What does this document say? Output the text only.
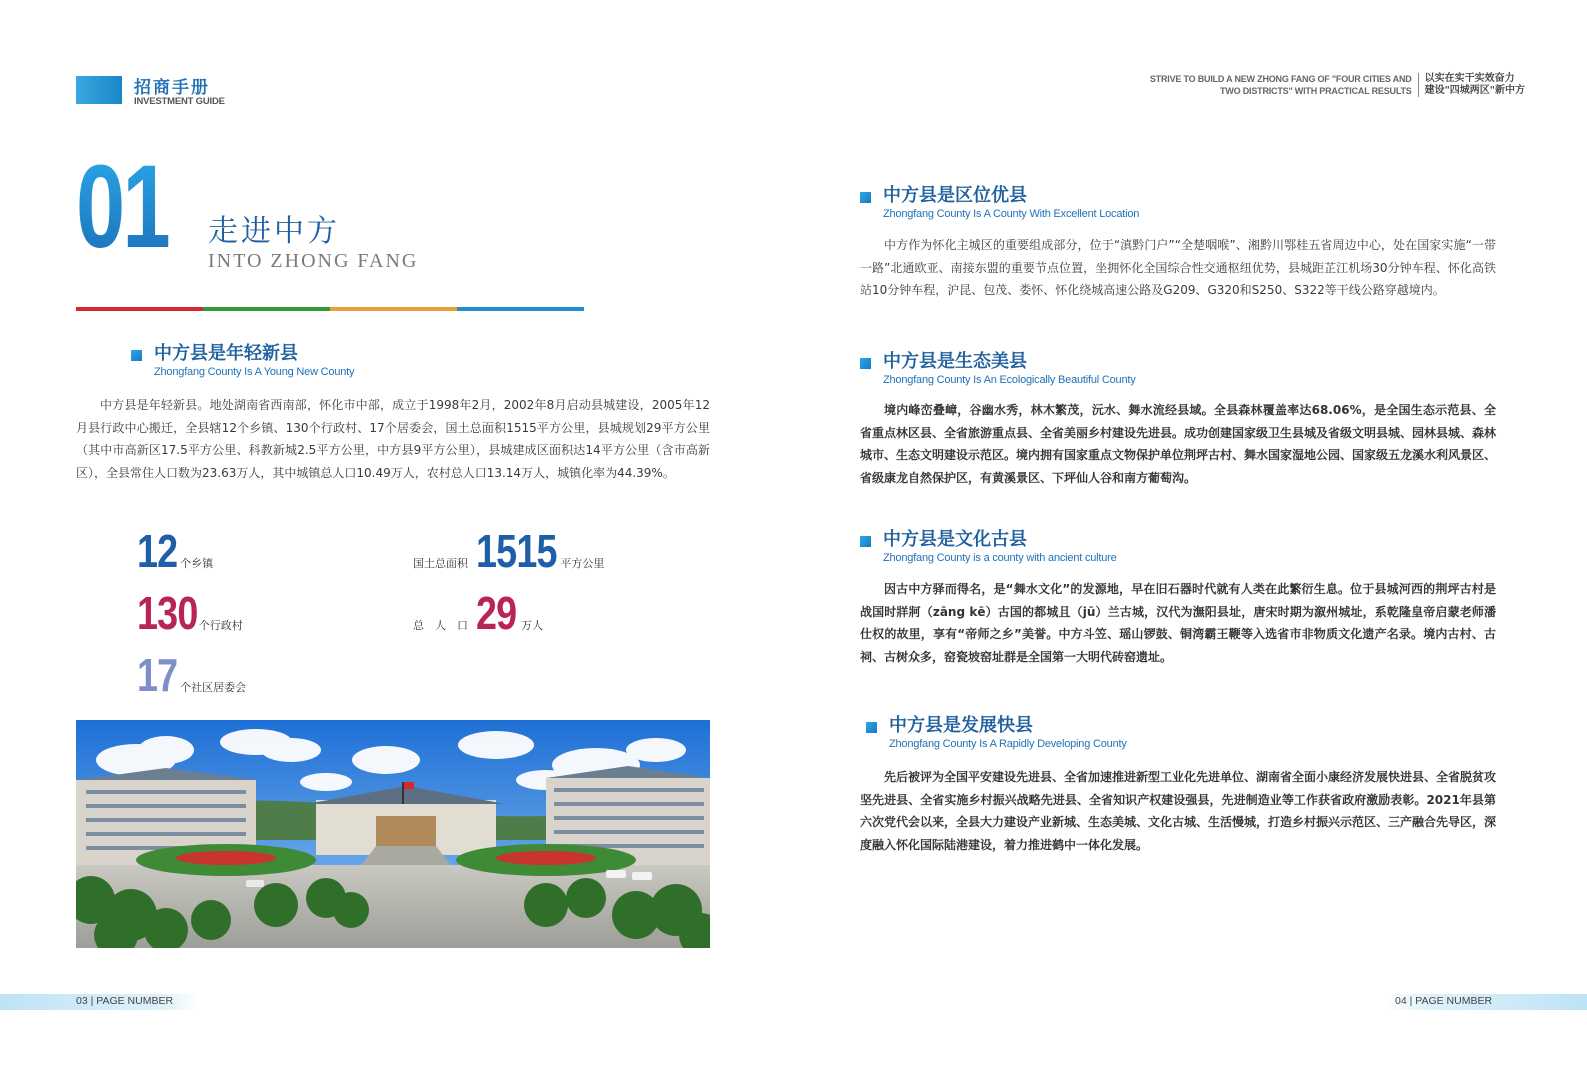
招商手册
INVESTMENT GUIDE
STRIVE TO BUILD A NEW ZHONG FANG OF "FOUR CITIES AND
TWO DISTRICTS" WITH PRACTICAL RESULTS
以实在实干实效奋力
建设"四城两区"新中方
01 走进中方
INTO ZHONG FANG
中方县是年轻新县
Zhongfang County Is A Young New County
中方县是年轻新县。地处湖南省西南部，怀化市中部，成立于1998年2月，2002年8月启动县城建设，2005年12月县行政中心搬迁，全县辖12个乡镇、130个行政村、17个居委会，国土总面积1515平方公里，县城规划29平方公里（其中市高新区17.5平方公里、科教新城2.5平方公里，中方县9平方公里），县城建成区面积达14平方公里（含市高新区），全县常住人口数为23.63万人，其中城镇总人口10.49万人，农村总人口13.14万人，城镇化率为44.39%。
12 个乡镇
130 个行政村
17 个社区居委会
国土总面积 1515 平方公里
总　人　口 29 万人
中方县是区位优县
Zhongfang County Is A County With Excellent Location
中方作为怀化主城区的重要组成部分，位于“滇黔门户”“全楚咽喉”、湘黔川鄂桂五省周边中心，处在国家实施“一带一路”北通欧亚、南接东盟的重要节点位置，坐拥怀化全国综合性交通枢纽优势，县城距芷江机场30分钟车程、怀化高铁站10分钟车程，沪昆、包茂、娄怀、怀化绕城高速公路及G209、G320和S250、S322等干线公路穿越境内。
中方县是生态美县
Zhongfang County Is An Ecologically Beautiful County
境内峰峦叠嶂，谷幽水秀，林木繁茂，沅水、舞水流经县域。全县森林覆盖率达68.06%，是全国生态示范县、全省重点林区县、全省旅游重点县、全省美丽乡村建设先进县。成功创建国家级卫生县城及省级文明县城、园林县城、森林城市、生态文明建设示范区。境内拥有国家重点文物保护单位荆坪古村、舞水国家湿地公园、国家级五龙溪水利风景区、省级康龙自然保护区，有黄溪景区、下坪仙人谷和南方葡萄沟。
中方县是文化古县
Zhongfang County is a county with ancient culture
因古中方驿而得名，是“舞水文化”的发源地，早在旧石器时代就有人类在此繁衍生息。位于县城河西的荆坪古村是战国时牂牁（zāng kē）古国的都城且（jū）兰古城，汉代为潕阳县址，唐宋时期为溆州城址，系乾隆皇帝启蒙老师潘仕权的故里，享有“帝师之乡”美誉。中方斗笠、瑶山锣鼓、铜湾霸王鞭等入选省市非物质文化遗产名录。境内古村、古祠、古树众多，窑瓷坡窑址群是全国第一大明代砖窑遗址。
中方县是发展快县
Zhongfang County Is A Rapidly Developing County
先后被评为全国平安建设先进县、全省加速推进新型工业化先进单位、湖南省全面小康经济发展快进县、全省脱贫攻坚先进县、全省实施乡村振兴战略先进县、全省知识产权建设强县，先进制造业等工作获省政府激励表彰。2021年县第六次党代会以来，全县大力建设产业新城、生态美城、文化古城、生活慢城，打造乡村振兴示范区、三产融合先导区，深度融入怀化国际陆港建设，着力推进鹤中一体化发展。
03 | PAGE NUMBER	04 | PAGE NUMBER
